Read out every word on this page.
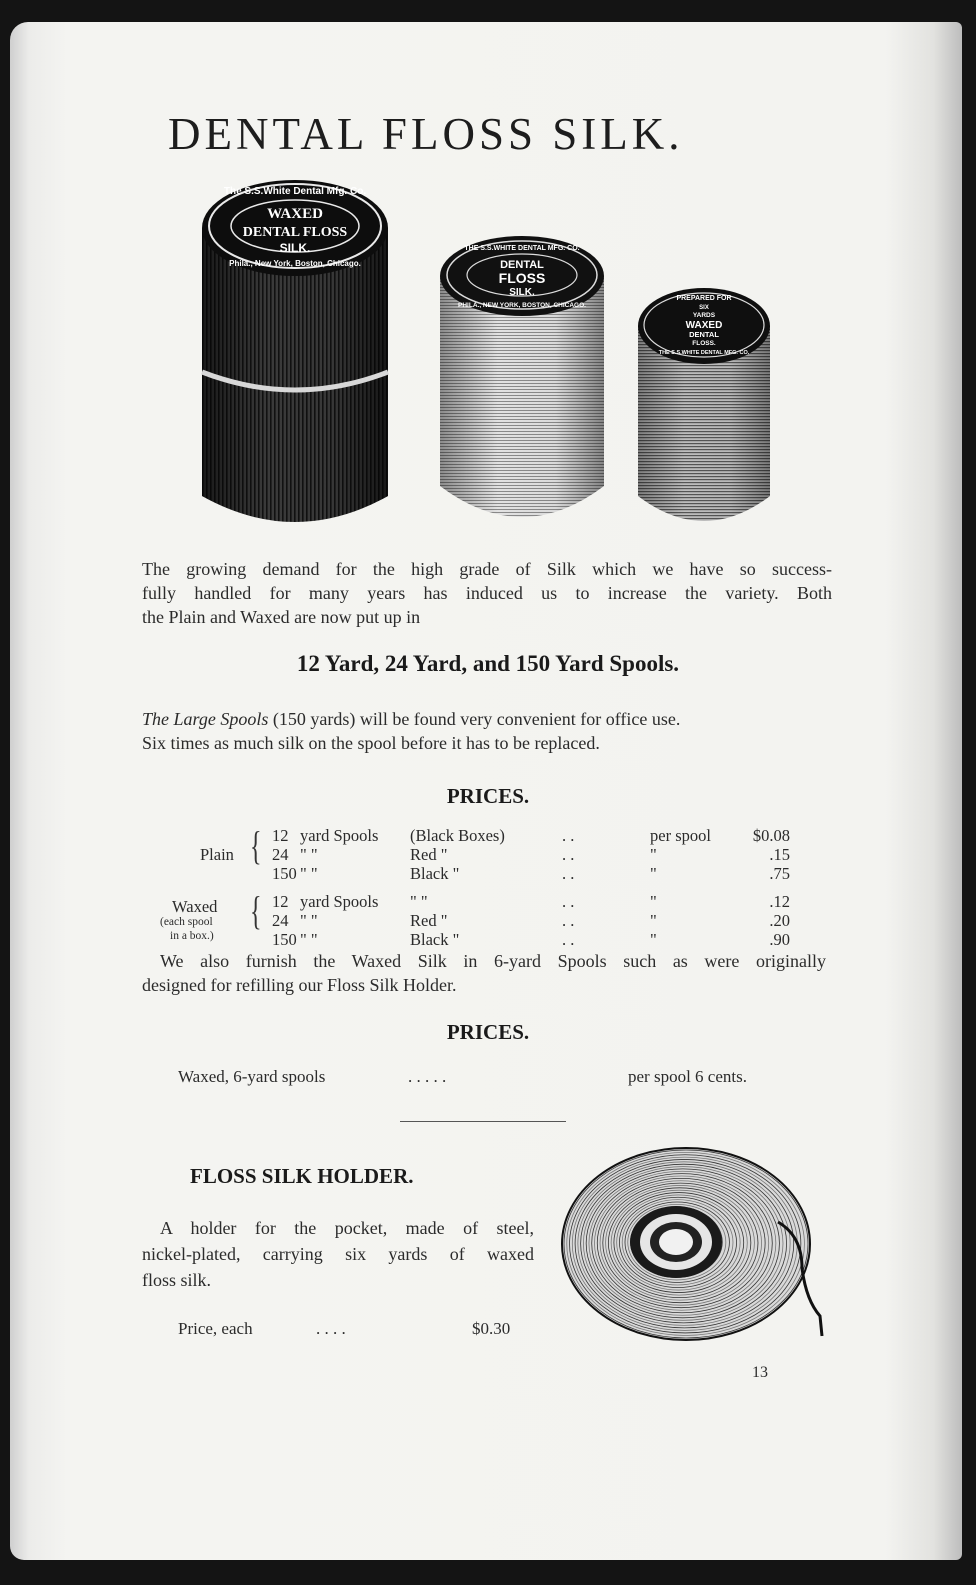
DENTAL FLOSS SILK.
The S.S.White Dental Mfg. Co.
WAXED
DENTAL FLOSS
SILK.
Phila., New York, Boston, Chicago.
THE S.S.WHITE DENTAL MFG. CO.
DENTAL
FLOSS
SILK.
PHILA., NEW YORK, BOSTON, CHICAGO.
PREPARED FOR
SIX
YARDS
WAXED
DENTAL
FLOSS.
THE S.S.WHITE DENTAL MFG. CO.
The growing demand for the high grade of Silk which we have so success-
fully handled for many years has induced us to increase the variety. Both
the Plain and Waxed are now put up in
12 Yard, 24 Yard, and 150 Yard Spools.
The Large Spools (150 yards) will be found very convenient for office use.
Six times as much silk on the spool before it has to be replaced.
PRICES.
Plain {
Waxed
(each spool
in a box.)
{
12 yard Spools (Black Boxes)	. .	per spool	$0.08
24 " "	Red "	. .	"	.15
150 " "	Black "	. .	"	.75
12 yard Spools " "	. .	"	.12
24 " "	Red "	. .	"	.20
150 " "	Black "	. .	"	.90
We also furnish the Waxed Silk in 6-yard Spools such as were originally
designed for refilling our Floss Silk Holder.
PRICES.
Waxed, 6-yard spools	. . . . .	per spool 6 cents.
FLOSS SILK HOLDER.
A holder for the pocket, made of steel,
nickel-plated, carrying six yards of waxed
floss silk.
Price, each	. . . .	$0.30
13
